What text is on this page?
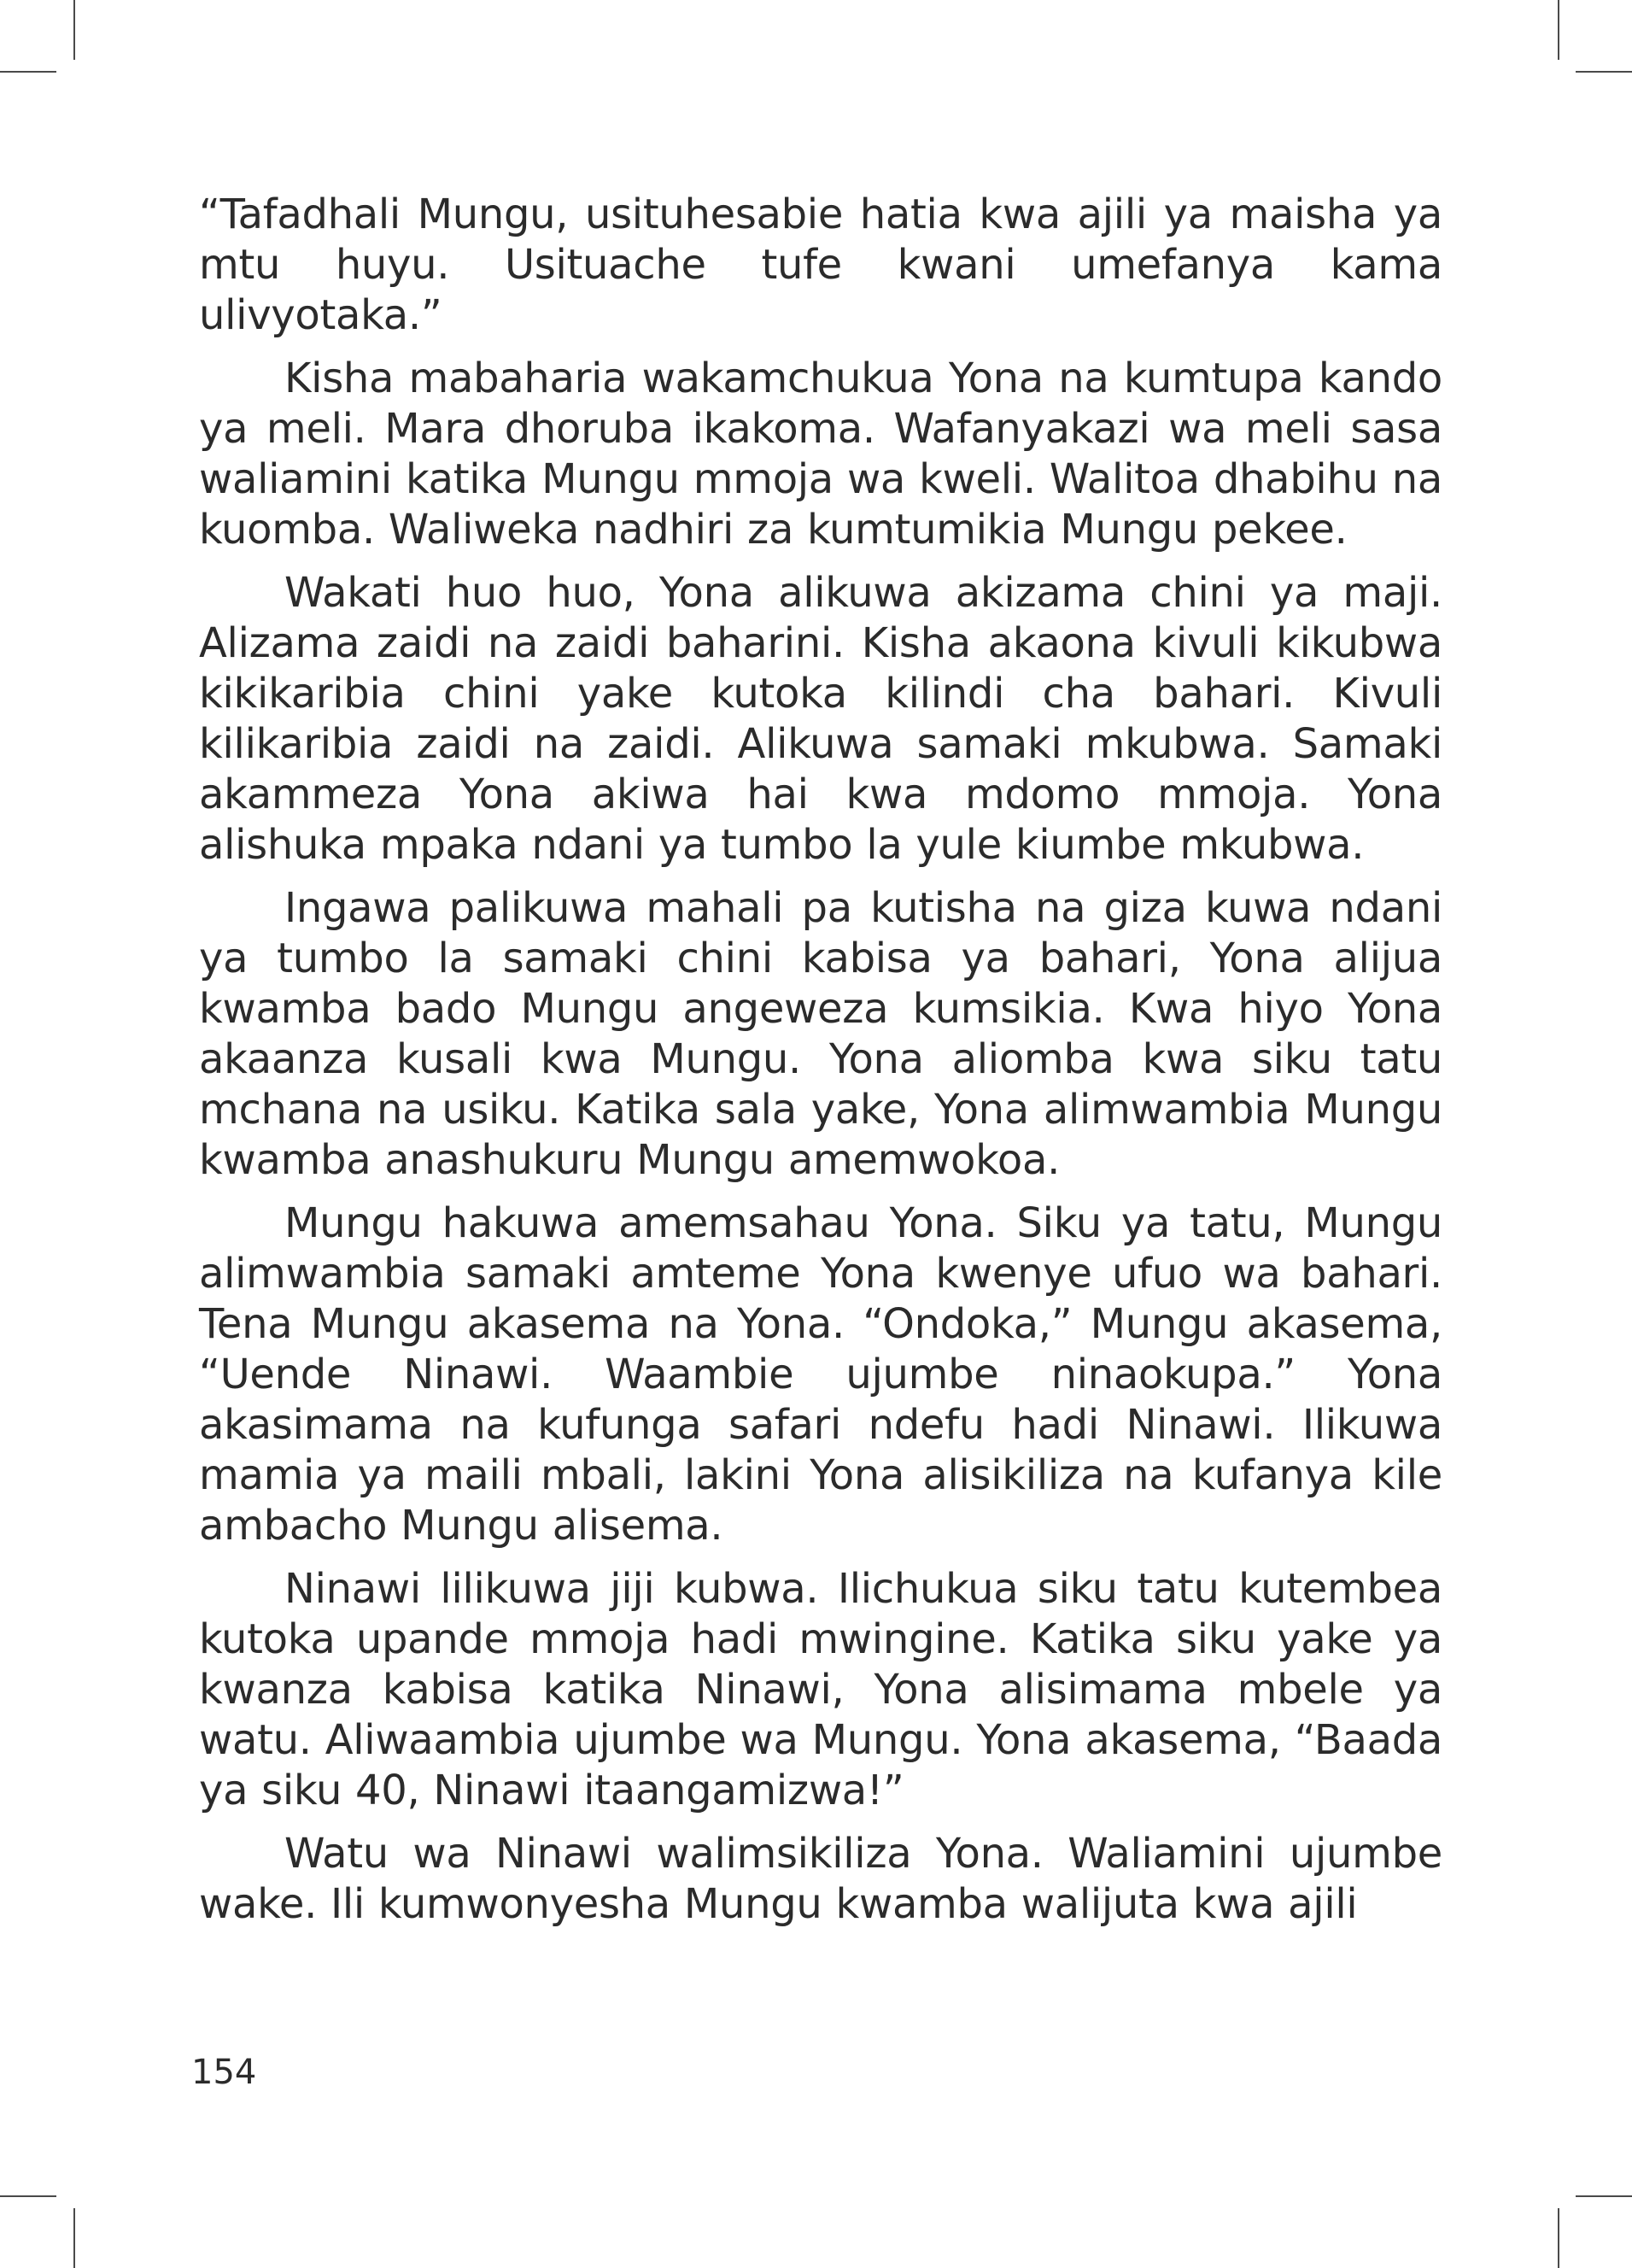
“Tafadhali Mungu, usituhesabie hatia kwa ajili ya maisha ya mtu huyu. Usituache tufe kwani umefanya kama ulivyotaka.”

Kisha mabaharia wakamchukua Yona na kumtupa kando ya meli. Mara dhoruba ikakoma. Wafanyakazi wa meli sasa waliamini katika Mungu mmoja wa kweli. Walitoa dhabihu na kuomba. Waliweka nadhiri za kumtumikia Mungu pekee.

Wakati huo huo, Yona alikuwa akizama chini ya maji. Alizama zaidi na zaidi baharini. Kisha akaona kivuli kikubwa kikikaribia chini yake kutoka kilindi cha bahari. Kivuli kilikaribia zaidi na zaidi. Alikuwa samaki mkubwa. Samaki akammeza Yona akiwa hai kwa mdomo mmoja. Yona alishuka mpaka ndani ya tumbo la yule kiumbe mkubwa.

Ingawa palikuwa mahali pa kutisha na giza kuwa ndani ya tumbo la samaki chini kabisa ya bahari, Yona alijua kwamba bado Mungu angeweza kumsikia. Kwa hiyo Yona akaanza kusali kwa Mungu. Yona aliomba kwa siku tatu mchana na usiku. Katika sala yake, Yona alimwambia Mungu kwamba anashukuru Mungu amemwokoa.

Mungu hakuwa amemsahau Yona. Siku ya tatu, Mungu alimwambia samaki amteme Yona kwenye ufuo wa bahari. Tena Mungu akasema na Yona. “Ondoka,” Mungu akasema, “Uende Ninawi. Waambie ujumbe ninaokupa.” Yona akasimama na kufunga safari ndefu hadi Ninawi. Ilikuwa mamia ya maili mbali, lakini Yona alisikiliza na kufanya kile ambacho Mungu alisema.

Ninawi lilikuwa jiji kubwa. Ilichukua siku tatu kutembea kutoka upande mmoja hadi mwingine. Katika siku yake ya kwanza kabisa katika Ninawi, Yona alisimama mbele ya watu. Aliwaambia ujumbe wa Mungu. Yona akasema, “Baada ya siku 40, Ninawi itaangamizwa!”

Watu wa Ninawi walimsikiliza Yona. Waliamini ujumbe wake. Ili kumwonyesha Mungu kwamba walijuta kwa ajili

154
